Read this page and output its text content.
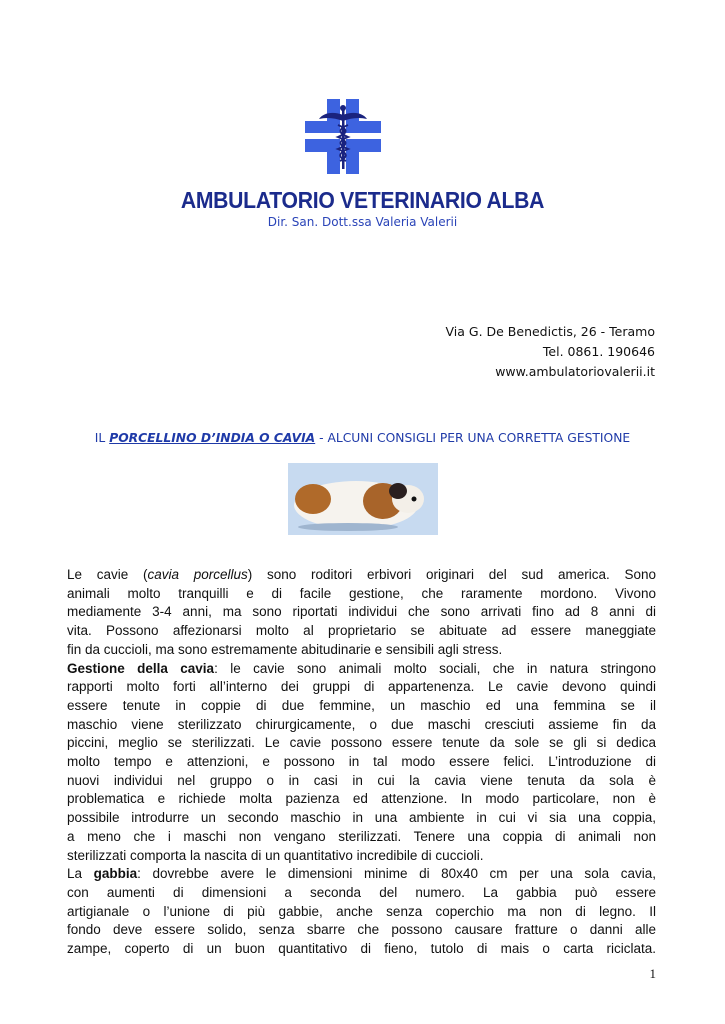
AMBULATORIO VETERINARIO ALBA
Dir. San. Dott.ssa Valeria Valerii
Via G. De Benedictis, 26 - Teramo
Tel. 0861. 190646
www.ambulatoriovalerii.it
IL PORCELLINO D’INDIA O CAVIA - ALCUNI CONSIGLI PER UNA CORRETTA GESTIONE
Le cavie (cavia porcellus) sono roditori erbivori originari del sud america. Sono
animali molto tranquilli e di facile gestione, che raramente mordono. Vivono
mediamente 3-4 anni, ma sono riportati individui che sono arrivati fino ad 8 anni di
vita. Possono affezionarsi molto al proprietario se abituate ad essere maneggiate
fin da cuccioli, ma sono estremamente abitudinarie e sensibili agli stress.
Gestione della cavia: le cavie sono animali molto sociali, che in natura stringono
rapporti molto forti all’interno dei gruppi di appartenenza. Le cavie devono quindi
essere tenute in coppie di due femmine, un maschio ed una femmina se il
maschio viene sterilizzato chirurgicamente, o due maschi cresciuti assieme fin da
piccini, meglio se sterilizzati. Le cavie possono essere tenute da sole se gli si dedica
molto tempo e attenzioni, e possono in tal modo essere felici. L’introduzione di
nuovi individui nel gruppo o in casi in cui la cavia viene tenuta da sola è
problematica e richiede molta pazienza ed attenzione. In modo particolare, non è
possibile introdurre un secondo maschio in una ambiente in cui vi sia una coppia,
a meno che i maschi non vengano sterilizzati. Tenere una coppia di animali non
sterilizzati comporta la nascita di un quantitativo incredibile di cuccioli.
La gabbia: dovrebbe avere le dimensioni minime di 80x40 cm per una sola cavia,
con aumenti di dimensioni a seconda del numero. La gabbia può essere
artigianale o l’unione di più gabbie, anche senza coperchio ma non di legno. Il
fondo deve essere solido, senza sbarre che possono causare fratture o danni alle
zampe, coperto di un buon quantitativo di fieno, tutolo di mais o carta riciclata.
1
